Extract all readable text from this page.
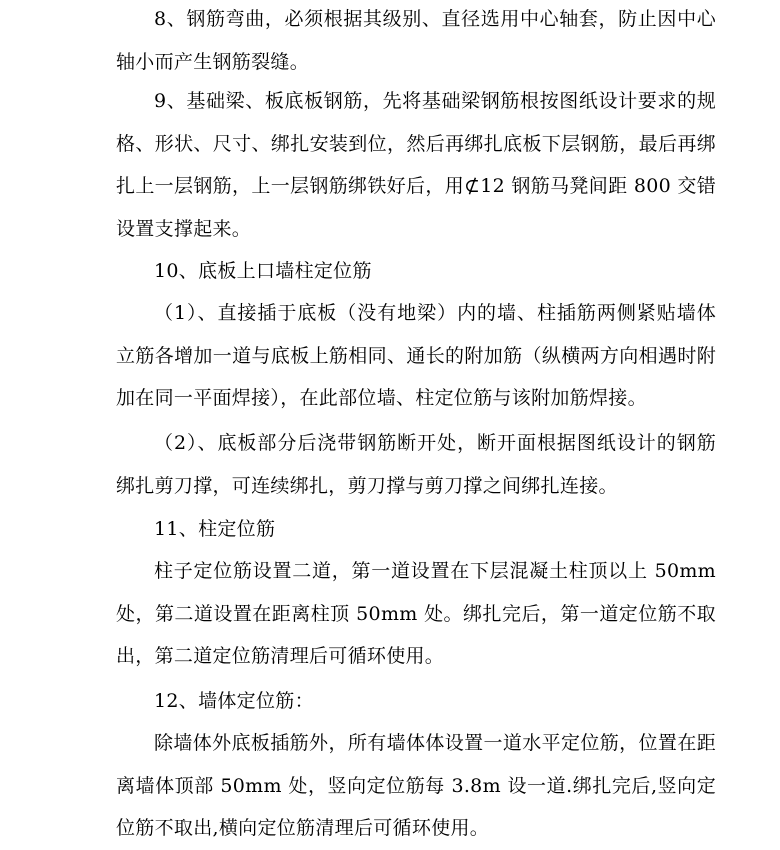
8、钢筋弯曲，必须根据其级别、直径选用中心轴套，防止因中心轴小而产生钢筋裂缝。

9、基础梁、板底板钢筋，先将基础梁钢筋根按图纸设计要求的规格、形状、尺寸、绑扎安装到位，然后再绑扎底板下层钢筋，最后再绑扎上一层钢筋，上一层钢筋绑铁好后，用⊄12 钢筋马凳间距 800 交错设置支撑起来。

10、底板上口墙柱定位筋

（1）、直接插于底板（没有地梁）内的墙、柱插筋两侧紧贴墙体立筋各增加一道与底板上筋相同、通长的附加筋（纵横两方向相遇时附加在同一平面焊接），在此部位墙、柱定位筋与该附加筋焊接。

（2）、底板部分后浇带钢筋断开处，断开面根据图纸设计的钢筋绑扎剪刀撑，可连续绑扎，剪刀撑与剪刀撑之间绑扎连接。

11、柱定位筋

柱子定位筋设置二道，第一道设置在下层混凝土柱顶以上 50mm 处，第二道设置在距离柱顶 50mm 处。绑扎完后，第一道定位筋不取出，第二道定位筋清理后可循环使用。

12、墙体定位筋：

除墙体外底板插筋外，所有墙体体设置一道水平定位筋，位置在距离墙体顶部 50mm 处，竖向定位筋每 3.8m 设一道.绑扎完后,竖向定位筋不取出,横向定位筋清理后可循环使用。
